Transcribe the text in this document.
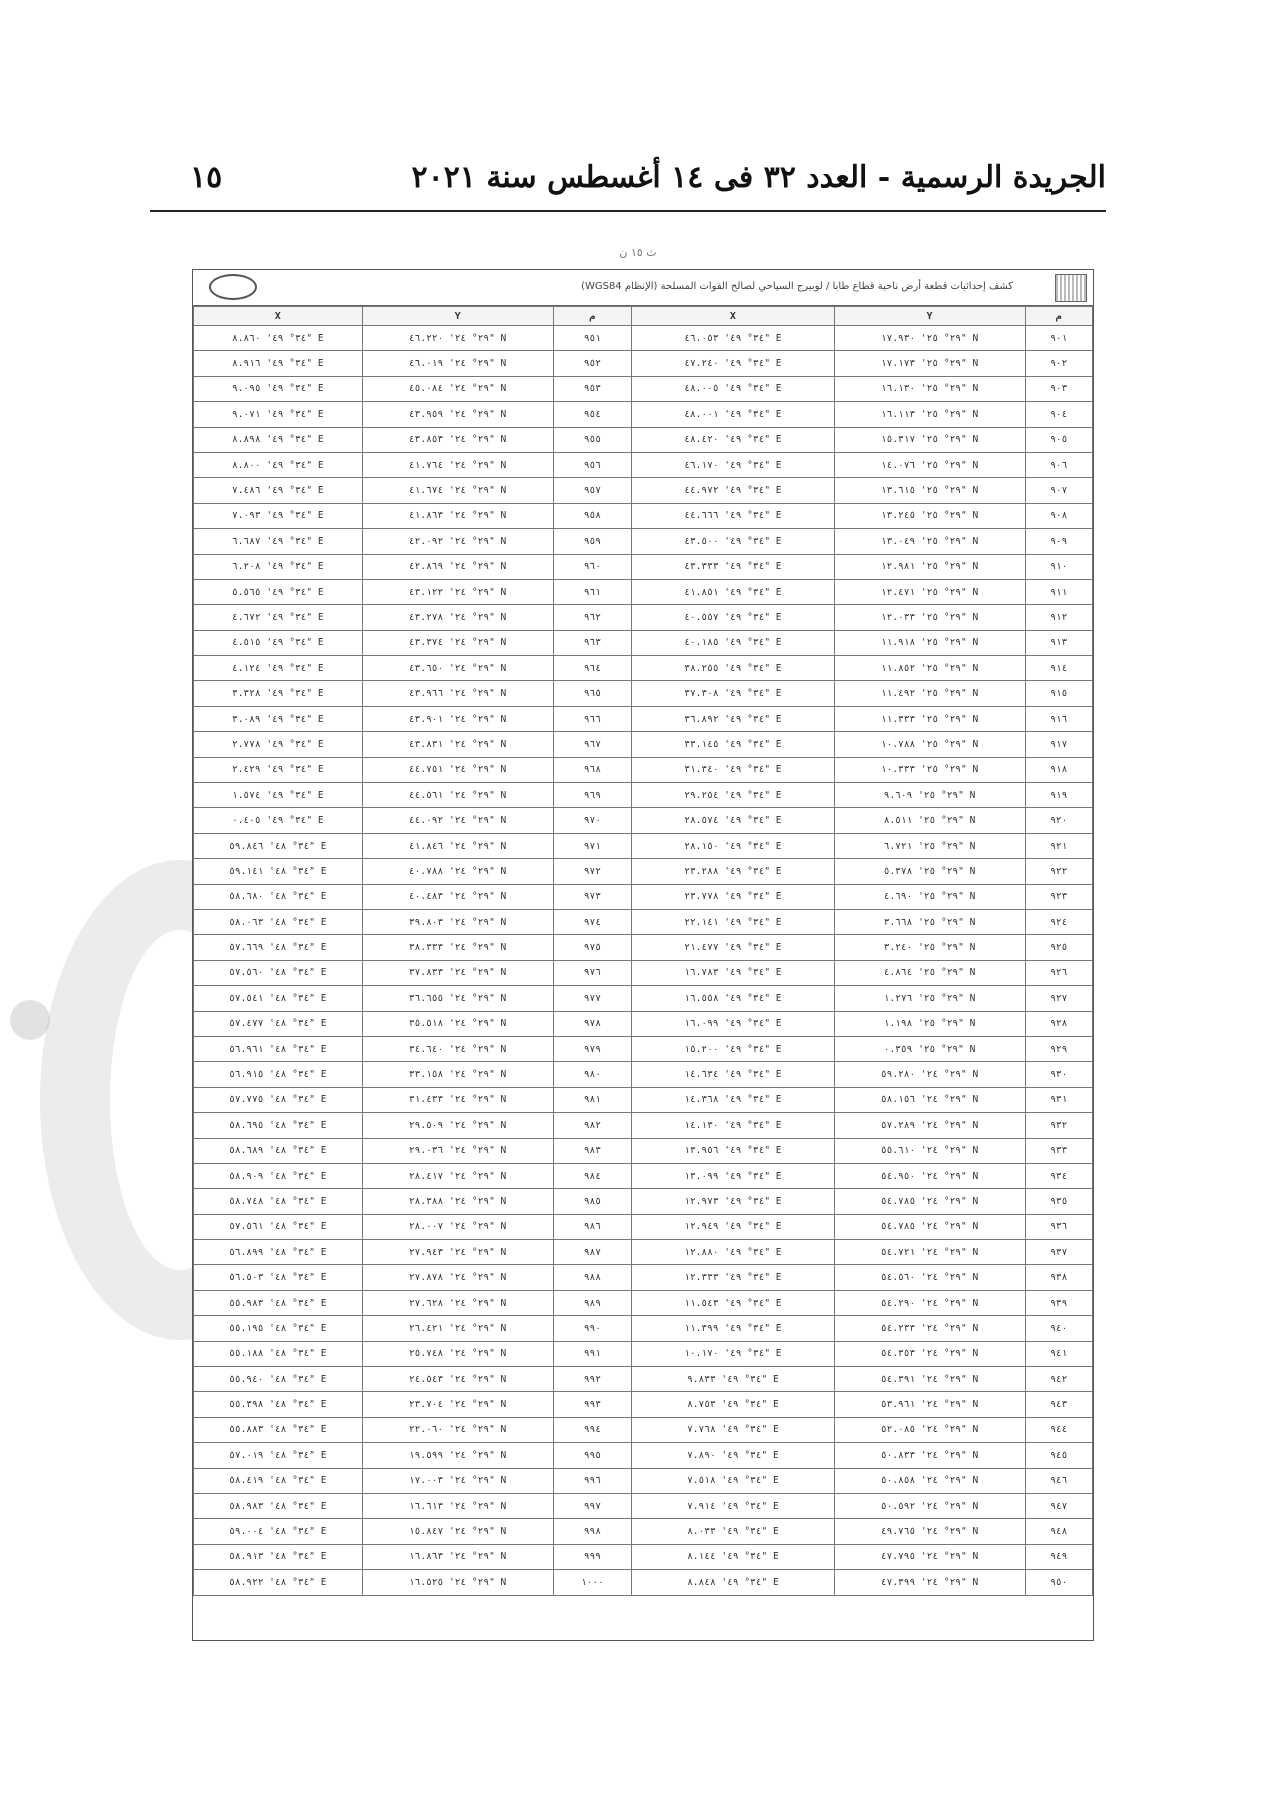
الجريدة الرسمية - العدد ٣٢ فى ١٤ أغسطس سنة ٢٠٢١
١٥
ث ١٥ ن
كشف إحداثيات قطعة أرض ناحية قطاع طابا / لوبيرج السياحي لصالح القوات المسلحة (الإنظام WGS84)
X	Y	م	X	Y	م
٣٤° ٤٩' ٨.٨٦٠" E	٢٩° ٢٤' ٤٦.٢٢٠" N	٩٥١	٣٤° ٤٩' ٤٦.٠٥٣" E	٢٩° ٢٥' ١٧.٩٣٠" N	٩٠١
٣٤° ٤٩' ٨.٩١٦" E	٢٩° ٢٤' ٤٦.٠١٩" N	٩٥٢	٣٤° ٤٩' ٤٧.٢٤٠" E	٢٩° ٢٥' ١٧.١٧٣" N	٩٠٢
٣٤° ٤٩' ٩.٠٩٥" E	٢٩° ٢٤' ٤٥.٠٨٤" N	٩٥٣	٣٤° ٤٩' ٤٨.٠٠٥" E	٢٩° ٢٥' ١٦.١٣٠" N	٩٠٣
٣٤° ٤٩' ٩.٠٧١" E	٢٩° ٢٤' ٤٣.٩٥٩" N	٩٥٤	٣٤° ٤٩' ٤٨.٠٠١" E	٢٩° ٢٥' ١٦.١١٣" N	٩٠٤
٣٤° ٤٩' ٨.٨٩٨" E	٢٩° ٢٤' ٤٣.٨٥٣" N	٩٥٥	٣٤° ٤٩' ٤٨.٤٢٠" E	٢٩° ٢٥' ١٥.٣١٧" N	٩٠٥
٣٤° ٤٩' ٨.٨٠٠" E	٢٩° ٢٤' ٤١.٧٦٤" N	٩٥٦	٣٤° ٤٩' ٤٦.١٧٠" E	٢٩° ٢٥' ١٤.٠٧٦" N	٩٠٦
٣٤° ٤٩' ٧.٤٨٦" E	٢٩° ٢٤' ٤١.٦٧٤" N	٩٥٧	٣٤° ٤٩' ٤٤.٩٧٢" E	٢٩° ٢٥' ١٣.٦١٥" N	٩٠٧
٣٤° ٤٩' ٧.٠٩٣" E	٢٩° ٢٤' ٤١.٨٦٣" N	٩٥٨	٣٤° ٤٩' ٤٤.٦٦٦" E	٢٩° ٢٥' ١٣.٢٤٥" N	٩٠٨
٣٤° ٤٩' ٦.٦٨٧" E	٢٩° ٢٤' ٤٢.٠٩٢" N	٩٥٩	٣٤° ٤٩' ٤٣.٥٠٠" E	٢٩° ٢٥' ١٣.٠٤٩" N	٩٠٩
٣٤° ٤٩' ٦.٢٠٨" E	٢٩° ٢٤' ٤٢.٨٦٩" N	٩٦٠	٣٤° ٤٩' ٤٣.٣٣٣" E	٢٩° ٢٥' ١٢.٩٨١" N	٩١٠
٣٤° ٤٩' ٥.٥٦٥" E	٢٩° ٢٤' ٤٣.١٢٢" N	٩٦١	٣٤° ٤٩' ٤١.٨٥١" E	٢٩° ٢٥' ١٢.٤٧١" N	٩١١
٣٤° ٤٩' ٤.٦٧٢" E	٢٩° ٢٤' ٤٣.٢٧٨" N	٩٦٢	٣٤° ٤٩' ٤٠.٥٥٧" E	٢٩° ٢٥' ١٢.٠٣٣" N	٩١٢
٣٤° ٤٩' ٤.٥١٥" E	٢٩° ٢٤' ٤٣.٣٧٤" N	٩٦٣	٣٤° ٤٩' ٤٠.١٨٥" E	٢٩° ٢٥' ١١.٩١٨" N	٩١٣
٣٤° ٤٩' ٤.١٢٤" E	٢٩° ٢٤' ٤٣.٦٥٠" N	٩٦٤	٣٤° ٤٩' ٣٨.٢٥٥" E	٢٩° ٢٥' ١١.٨٥٢" N	٩١٤
٣٤° ٤٩' ٣.٣٢٨" E	٢٩° ٢٤' ٤٣.٩٦٦" N	٩٦٥	٣٤° ٤٩' ٣٧.٣٠٨" E	٢٩° ٢٥' ١١.٤٩٢" N	٩١٥
٣٤° ٤٩' ٣.٠٨٩" E	٢٩° ٢٤' ٤٣.٩٠١" N	٩٦٦	٣٤° ٤٩' ٣٦.٨٩٢" E	٢٩° ٢٥' ١١.٣٣٣" N	٩١٦
٣٤° ٤٩' ٢.٧٧٨" E	٢٩° ٢٤' ٤٣.٨٣١" N	٩٦٧	٣٤° ٤٩' ٣٣.١٤٥" E	٢٩° ٢٥' ١٠.٧٨٨" N	٩١٧
٣٤° ٤٩' ٢.٤٢٩" E	٢٩° ٢٤' ٤٤.٧٥١" N	٩٦٨	٣٤° ٤٩' ٣١.٣٤٠" E	٢٩° ٢٥' ١٠.٣٣٣" N	٩١٨
٣٤° ٤٩' ١.٥٧٤" E	٢٩° ٢٤' ٤٤.٥٦١" N	٩٦٩	٣٤° ٤٩' ٢٩.٢٥٤" E	٢٩° ٢٥' ٩.٦٠٩" N	٩١٩
٣٤° ٤٩' ٠.٤٠٥" E	٢٩° ٢٤' ٤٤.٠٩٢" N	٩٧٠	٣٤° ٤٩' ٢٨.٥٧٤" E	٢٩° ٢٥' ٨.٥١١" N	٩٢٠
٣٤° ٤٨' ٥٩.٨٤٦" E	٢٩° ٢٤' ٤١.٨٤٦" N	٩٧١	٣٤° ٤٩' ٢٨.١٥٠" E	٢٩° ٢٥' ٦.٧٢١" N	٩٢١
٣٤° ٤٨' ٥٩.١٤١" E	٢٩° ٢٤' ٤٠.٧٨٨" N	٩٧٢	٣٤° ٤٩' ٢٣.٢٨٨" E	٢٩° ٢٥' ٥.٣٧٨" N	٩٢٢
٣٤° ٤٨' ٥٨.٦٨٠" E	٢٩° ٢٤' ٤٠.٤٨٣" N	٩٧٣	٣٤° ٤٩' ٢٣.٧٧٨" E	٢٩° ٢٥' ٤.٦٩٠" N	٩٢٣
٣٤° ٤٨' ٥٨.٠٦٣" E	٢٩° ٢٤' ٣٩.٨٠٣" N	٩٧٤	٣٤° ٤٩' ٢٢.١٤١" E	٢٩° ٢٥' ٣.٦٦٨" N	٩٢٤
٣٤° ٤٨' ٥٧.٦٦٩" E	٢٩° ٢٤' ٣٨.٣٣٣" N	٩٧٥	٣٤° ٤٩' ٢١.٤٧٧" E	٢٩° ٢٥' ٣.٢٤٠" N	٩٢٥
٣٤° ٤٨' ٥٧.٥٦٠" E	٢٩° ٢٤' ٣٧.٨٣٣" N	٩٧٦	٣٤° ٤٩' ١٦.٧٨٣" E	٢٩° ٢٥' ٤.٨٦٤" N	٩٢٦
٣٤° ٤٨' ٥٧.٥٤١" E	٢٩° ٢٤' ٣٦.٦٥٥" N	٩٧٧	٣٤° ٤٩' ١٦.٥٥٨" E	٢٩° ٢٥' ١.٢٧٦" N	٩٢٧
٣٤° ٤٨' ٥٧.٤٧٧" E	٢٩° ٢٤' ٣٥.٥١٨" N	٩٧٨	٣٤° ٤٩' ١٦.٠٩٩" E	٢٩° ٢٥' ١.١٩٨" N	٩٢٨
٣٤° ٤٨' ٥٦.٩٦١" E	٢٩° ٢٤' ٣٤.٦٤٠" N	٩٧٩	٣٤° ٤٩' ١٥.٢٠٠" E	٢٩° ٢٥' ٠.٣٥٩" N	٩٢٩
٣٤° ٤٨' ٥٦.٩١٥" E	٢٩° ٢٤' ٣٣.١٥٨" N	٩٨٠	٣٤° ٤٩' ١٤.٦٣٤" E	٢٩° ٢٤' ٥٩.٢٨٠" N	٩٣٠
٣٤° ٤٨' ٥٧.٧٧٥" E	٢٩° ٢٤' ٣١.٤٣٣" N	٩٨١	٣٤° ٤٩' ١٤.٣٦٨" E	٢٩° ٢٤' ٥٨.١٥٦" N	٩٣١
٣٤° ٤٨' ٥٨.٦٩٥" E	٢٩° ٢٤' ٢٩.٥٠٩" N	٩٨٢	٣٤° ٤٩' ١٤.١٣٠" E	٢٩° ٢٤' ٥٧.٢٨٩" N	٩٣٢
٣٤° ٤٨' ٥٨.٦٨٩" E	٢٩° ٢٤' ٢٩.٠٣٦" N	٩٨٣	٣٤° ٤٩' ١٣.٩٥٦" E	٢٩° ٢٤' ٥٥.٦١٠" N	٩٣٣
٣٤° ٤٨' ٥٨.٩٠٩" E	٢٩° ٢٤' ٢٨.٤١٧" N	٩٨٤	٣٤° ٤٩' ١٣.٠٩٩" E	٢٩° ٢٤' ٥٤.٩٥٠" N	٩٣٤
٣٤° ٤٨' ٥٨.٧٤٨" E	٢٩° ٢٤' ٢٨.٣٨٨" N	٩٨٥	٣٤° ٤٩' ١٢.٩٧٣" E	٢٩° ٢٤' ٥٤.٧٨٥" N	٩٣٥
٣٤° ٤٨' ٥٧.٥٦١" E	٢٩° ٢٤' ٢٨.٠٠٧" N	٩٨٦	٣٤° ٤٩' ١٢.٩٤٩" E	٢٩° ٢٤' ٥٤.٧٨٥" N	٩٣٦
٣٤° ٤٨' ٥٦.٨٩٩" E	٢٩° ٢٤' ٢٧.٩٤٣" N	٩٨٧	٣٤° ٤٩' ١٢.٨٨٠" E	٢٩° ٢٤' ٥٤.٧٢١" N	٩٣٧
٣٤° ٤٨' ٥٦.٥٠٣" E	٢٩° ٢٤' ٢٧.٨٧٨" N	٩٨٨	٣٤° ٤٩' ١٢.٣٣٣" E	٢٩° ٢٤' ٥٤.٥٦٠" N	٩٣٨
٣٤° ٤٨' ٥٥.٩٨٣" E	٢٩° ٢٤' ٢٧.٦٢٨" N	٩٨٩	٣٤° ٤٩' ١١.٥٤٣" E	٢٩° ٢٤' ٥٤.٢٩٠" N	٩٣٩
٣٤° ٤٨' ٥٥.١٩٥" E	٢٩° ٢٤' ٢٦.٤٢١" N	٩٩٠	٣٤° ٤٩' ١١.٣٩٩" E	٢٩° ٢٤' ٥٤.٢٣٣" N	٩٤٠
٣٤° ٤٨' ٥٥.١٨٨" E	٢٩° ٢٤' ٢٥.٧٤٨" N	٩٩١	٣٤° ٤٩' ١٠.١٧٠" E	٢٩° ٢٤' ٥٤.٣٥٣" N	٩٤١
٣٤° ٤٨' ٥٥.٩٤٠" E	٢٩° ٢٤' ٢٤.٥٤٣" N	٩٩٢	٣٤° ٤٩' ٩.٨٣٣" E	٢٩° ٢٤' ٥٤.٣٩١" N	٩٤٢
٣٤° ٤٨' ٥٥.٣٩٨" E	٢٩° ٢٤' ٢٣.٧٠٤" N	٩٩٣	٣٤° ٤٩' ٨.٧٥٣" E	٢٩° ٢٤' ٥٣.٩٦١" N	٩٤٣
٣٤° ٤٨' ٥٥.٨٨٣" E	٢٩° ٢٤' ٢٢.٠٦٠" N	٩٩٤	٣٤° ٤٩' ٧.٧٦٨" E	٢٩° ٢٤' ٥٢.٠٨٥" N	٩٤٤
٣٤° ٤٨' ٥٧.٠١٩" E	٢٩° ٢٤' ١٩.٥٩٩" N	٩٩٥	٣٤° ٤٩' ٧.٨٩٠" E	٢٩° ٢٤' ٥٠.٨٣٣" N	٩٤٥
٣٤° ٤٨' ٥٨.٤١٩" E	٢٩° ٢٤' ١٧.٠٠٣" N	٩٩٦	٣٤° ٤٩' ٧.٥١٨" E	٢٩° ٢٤' ٥٠.٨٥٨" N	٩٤٦
٣٤° ٤٨' ٥٨.٩٨٣" E	٢٩° ٢٤' ١٦.٦١٣" N	٩٩٧	٣٤° ٤٩' ٧.٩١٤" E	٢٩° ٢٤' ٥٠.٥٩٢" N	٩٤٧
٣٤° ٤٨' ٥٩.٠٠٤" E	٢٩° ٢٤' ١٥.٨٤٧" N	٩٩٨	٣٤° ٤٩' ٨.٠٣٣" E	٢٩° ٢٤' ٤٩.٧٦٥" N	٩٤٨
٣٤° ٤٨' ٥٨.٩١٣" E	٢٩° ٢٤' ١٦.٨٦٣" N	٩٩٩	٣٤° ٤٩' ٨.١٤٤" E	٢٩° ٢٤' ٤٧.٧٩٥" N	٩٤٩
٣٤° ٤٨' ٥٨.٩٢٢" E	٢٩° ٢٤' ١٦.٥٢٥" N	١٠٠٠	٣٤° ٤٩' ٨.٨٤٨" E	٢٩° ٢٤' ٤٧.٣٩٩" N	٩٥٠
